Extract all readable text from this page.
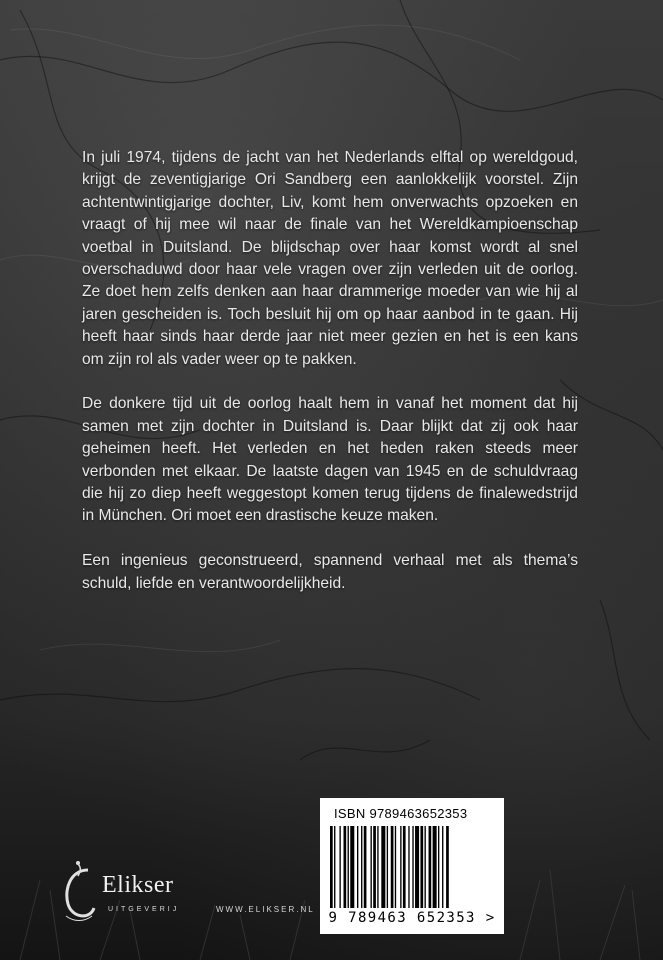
In juli 1974, tijdens de jacht van het Nederlands elftal op wereldgoud, krijgt de zeventigjarige Ori Sandberg een aanlokkelijk voorstel. Zijn achtentwintigjarige dochter, Liv, komt hem onverwachts opzoeken en vraagt of hij mee wil naar de finale van het Wereldkampioenschap voetbal in Duitsland. De blijdschap over haar komst wordt al snel overschaduwd door haar vele vragen over zijn verleden uit de oorlog. Ze doet hem zelfs denken aan haar drammerige moeder van wie hij al jaren gescheiden is. Toch besluit hij om op haar aanbod in te gaan. Hij heeft haar sinds haar derde jaar niet meer gezien en het is een kans om zijn rol als vader weer op te pakken.

De donkere tijd uit de oorlog haalt hem in vanaf het moment dat hij samen met zijn dochter in Duitsland is. Daar blijkt dat zij ook haar geheimen heeft. Het verleden en het heden raken steeds meer verbonden met elkaar. De laatste dagen van 1945 en de schuldvraag die hij zo diep heeft weggestopt komen terug tijdens de finalewedstrijd in München. Ori moet een drastische keuze maken.

Een ingenieus geconstrueerd, spannend verhaal met als thema’s schuld, liefde en verantwoordelijkheid.

Elikser
UITGEVERIJ	WWW.ELIKSER.NL
ISBN 9789463652353
9 789463 652353 >
